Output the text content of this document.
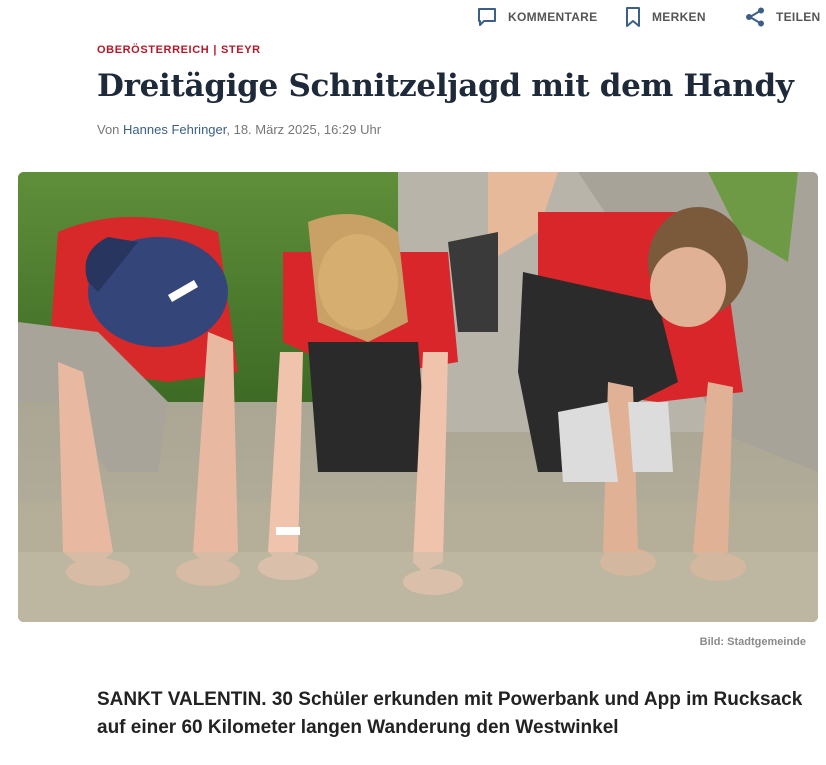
KOMMENTARE	MERKEN	TEILEN
OBERÖSTERREICH | STEYR
Dreitägige Schnitzeljagd mit dem Handy
Von Hannes Fehringer, 18. März 2025, 16:29 Uhr
Bild: Stadtgemeinde

SANKT VALENTIN. 30 Schüler erkunden mit Powerbank und App im Rucksack auf einer 60 Kilometer langen Wanderung den Westwinkel
